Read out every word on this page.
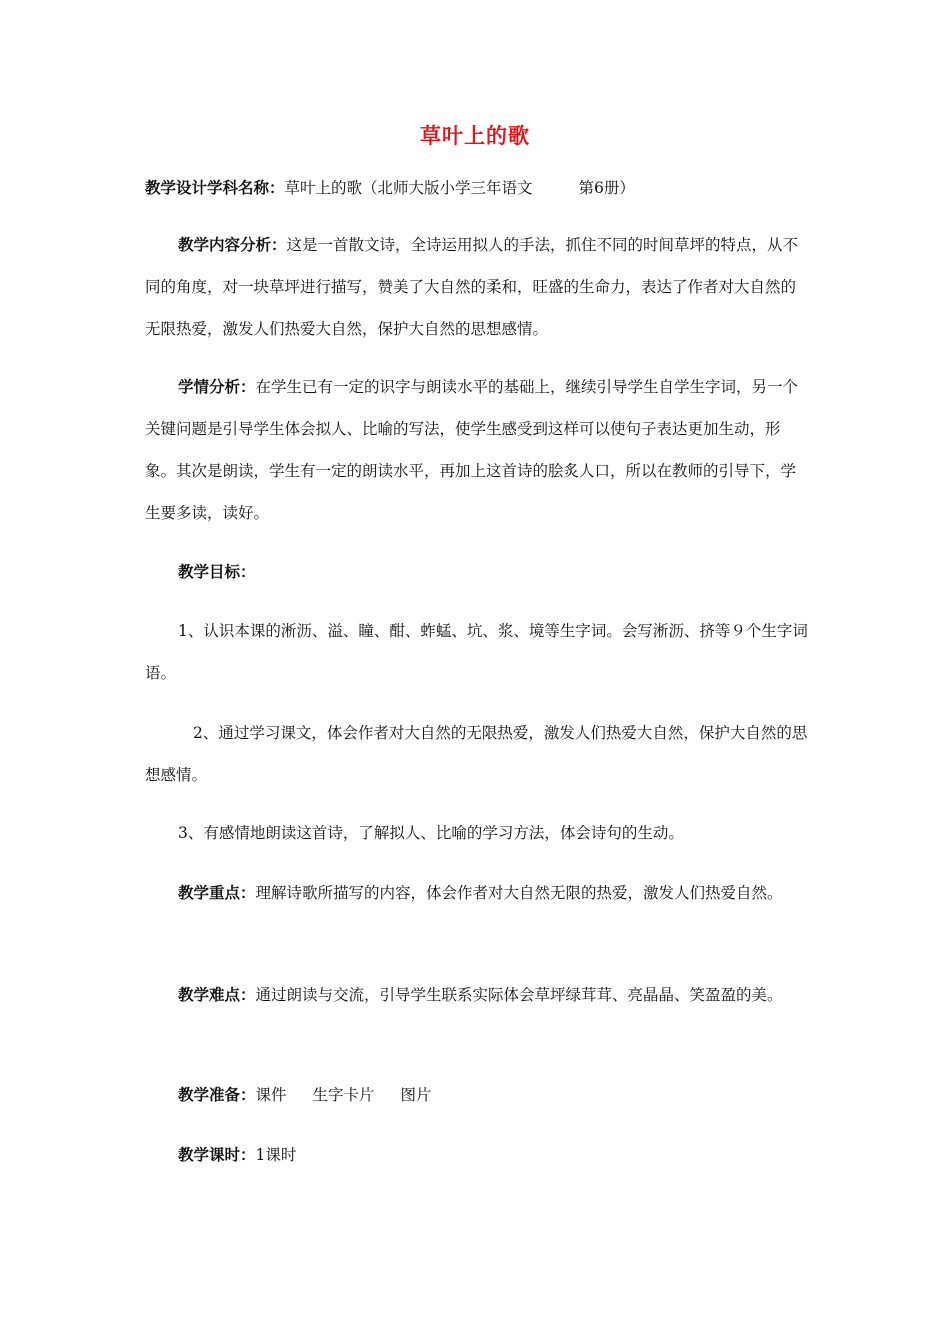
草叶上的歌

教学设计学科名称：草叶上的歌（北师大版小学三年语文	第6册）

教学内容分析：这是一首散文诗，全诗运用拟人的手法，抓住不同的时间草坪的特点，从不同的角度，对一块草坪进行描写，赞美了大自然的柔和，旺盛的生命力，表达了作者对大自然的无限热爱，激发人们热爱大自然，保护大自然的思想感情。

学情分析：在学生已有一定的识字与朗读水平的基础上，继续引导学生自学生字词，另一个关键问题是引导学生体会拟人、比喻的写法，使学生感受到这样可以使句子表达更加生动，形象。其次是朗读，学生有一定的朗读水平，再加上这首诗的脍炙人口，所以在教师的引导下，学生要多读，读好。

教学目标：

1、认识本课的淅沥、溢、瞳、酣、蚱蜢、坑、浆、境等生字词。会写淅沥、挤等９个生字词语。

2、通过学习课文，体会作者对大自然的无限热爱，激发人们热爱大自然，保护大自然的思想感情。

3、有感情地朗读这首诗，了解拟人、比喻的学习方法，体会诗句的生动。

教学重点：理解诗歌所描写的内容，体会作者对大自然无限的热爱，激发人们热爱自然。

教学难点：通过朗读与交流，引导学生联系实际体会草坪绿茸茸、亮晶晶、笑盈盈的美。

教学准备：课件 生字卡片 图片

教学课时：1课时
